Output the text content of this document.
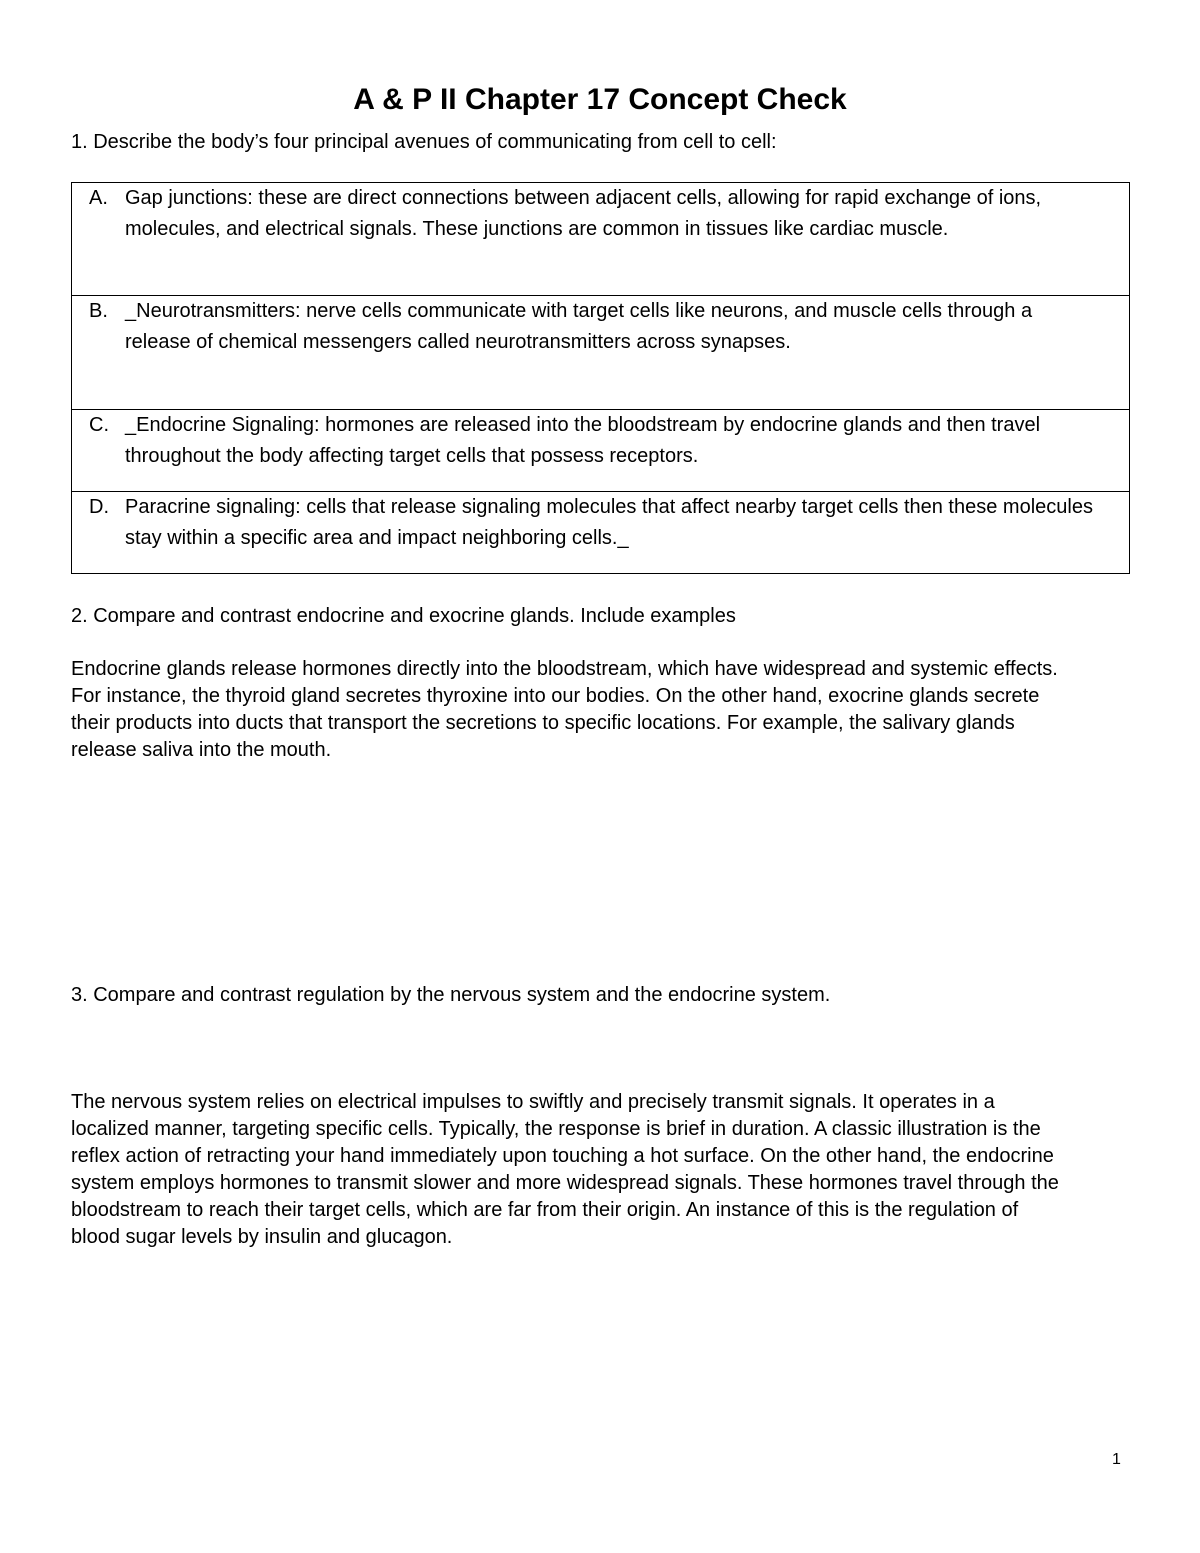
A & P II Chapter 17 Concept Check

1. Describe the body’s four principal avenues of communicating from cell to cell:

A. Gap junctions: these are direct connections between adjacent cells, allowing for rapid exchange of ions, molecules, and electrical signals. These junctions are common in tissues like cardiac muscle.

B. _Neurotransmitters: nerve cells communicate with target cells like neurons, and muscle cells through a release of chemical messengers called neurotransmitters across synapses.

C. _Endocrine Signaling: hormones are released into the bloodstream by endocrine glands and then travel throughout the body affecting target cells that possess receptors.

D. Paracrine signaling: cells that release signaling molecules that affect nearby target cells then these molecules stay within a specific area and impact neighboring cells._

2. Compare and contrast endocrine and exocrine glands. Include examples

Endocrine glands release hormones directly into the bloodstream, which have widespread and systemic effects. For instance, the thyroid gland secretes thyroxine into our bodies. On the other hand, exocrine glands secrete their products into ducts that transport the secretions to specific locations. For example, the salivary glands release saliva into the mouth.

3. Compare and contrast regulation by the nervous system and the endocrine system.

The nervous system relies on electrical impulses to swiftly and precisely transmit signals. It operates in a localized manner, targeting specific cells. Typically, the response is brief in duration. A classic illustration is the reflex action of retracting your hand immediately upon touching a hot surface. On the other hand, the endocrine system employs hormones to transmit slower and more widespread signals. These hormones travel through the bloodstream to reach their target cells, which are far from their origin. An instance of this is the regulation of blood sugar levels by insulin and glucagon.

1
